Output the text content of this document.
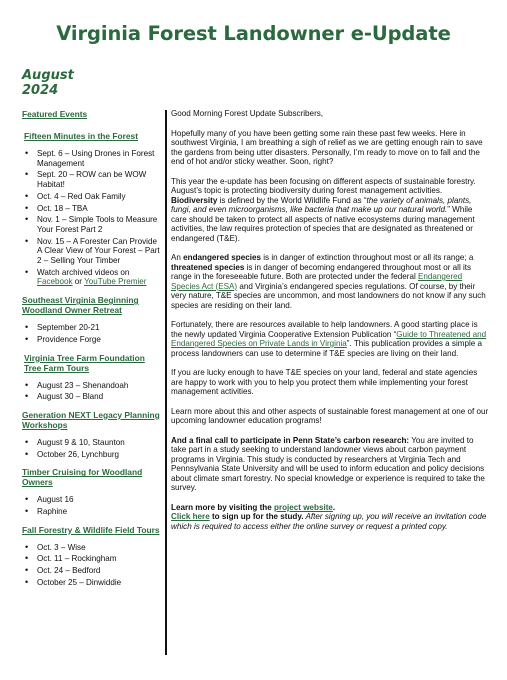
Virginia Forest Landowner e-Update
August
2024
Featured Events
Fifteen Minutes in the Forest
• Sept. 6 – Using Drones in Forest Management
• Sept. 20 – ROW can be WOW Habitat!
• Oct. 4 – Red Oak Family
• Oct. 18 – TBA
• Nov. 1 – Simple Tools to Measure Your Forest Part 2
• Nov. 15 – A Forester Can Provide A Clear View of Your Forest – Part 2 – Selling Your Timber
• Watch archived videos on Facebook or YouTube Premier
Southeast Virginia Beginning Woodland Owner Retreat
• September 20-21
• Providence Forge
Virginia Tree Farm Foundation Tree Farm Tours
• August 23 – Shenandoah
• August 30 – Bland
Generation NEXT Legacy Planning Workshops
• August 9 & 10, Staunton
• October 26, Lynchburg
Timber Cruising for Woodland Owners
• August 16
• Raphine
Fall Forestry & Wildlife Field Tours
• Oct. 3 – Wise
• Oct. 11 – Rockingham
• Oct. 24 – Bedford
• October 25 – Dinwiddie

Good Morning Forest Update Subscribers,

Hopefully many of you have been getting some rain these past few weeks. Here in southwest Virginia, I am breathing a sigh of relief as we are getting enough rain to save the gardens from being utter disasters. Personally, I’m ready to move on to fall and the end of hot and/or sticky weather. Soon, right?

This year the e-update has been focusing on different aspects of sustainable forestry. August’s topic is protecting biodiversity during forest management activities. Biodiversity is defined by the World Wildlife Fund as “the variety of animals, plants, fungi, and even microorganisms, like bacteria that make up our natural world.” While care should be taken to protect all aspects of native ecosystems during management activities, the law requires protection of species that are designated as threatened or endangered (T&E).

An endangered species is in danger of extinction throughout most or all its range; a threatened species is in danger of becoming endangered throughout most or all its range in the foreseeable future. Both are protected under the federal Endangered Species Act (ESA) and Virginia’s endangered species regulations. Of course, by their very nature, T&E species are uncommon, and most landowners do not know if any such species are residing on their land.

Fortunately, there are resources available to help landowners. A good starting place is the newly updated Virginia Cooperative Extension Publication “Guide to Threatened and Endangered Species on Private Lands in Virginia”. This publication provides a simple a process landowners can use to determine if T&E species are living on their land.

If you are lucky enough to have T&E species on your land, federal and state agencies are happy to work with you to help you protect them while implementing your forest management activities.

Learn more about this and other aspects of sustainable forest management at one of our upcoming landowner education programs!

And a final call to participate in Penn State’s carbon research: You are invited to take part in a study seeking to understand landowner views about carbon payment programs in Virginia. This study is conducted by researchers at Virginia Tech and Pennsylvania State University and will be used to inform education and policy decisions about climate smart forestry. No special knowledge or experience is required to take the survey.

Learn more by visiting the project website.
Click here to sign up for the study. After signing up, you will receive an invitation code which is required to access either the online survey or request a printed copy.
